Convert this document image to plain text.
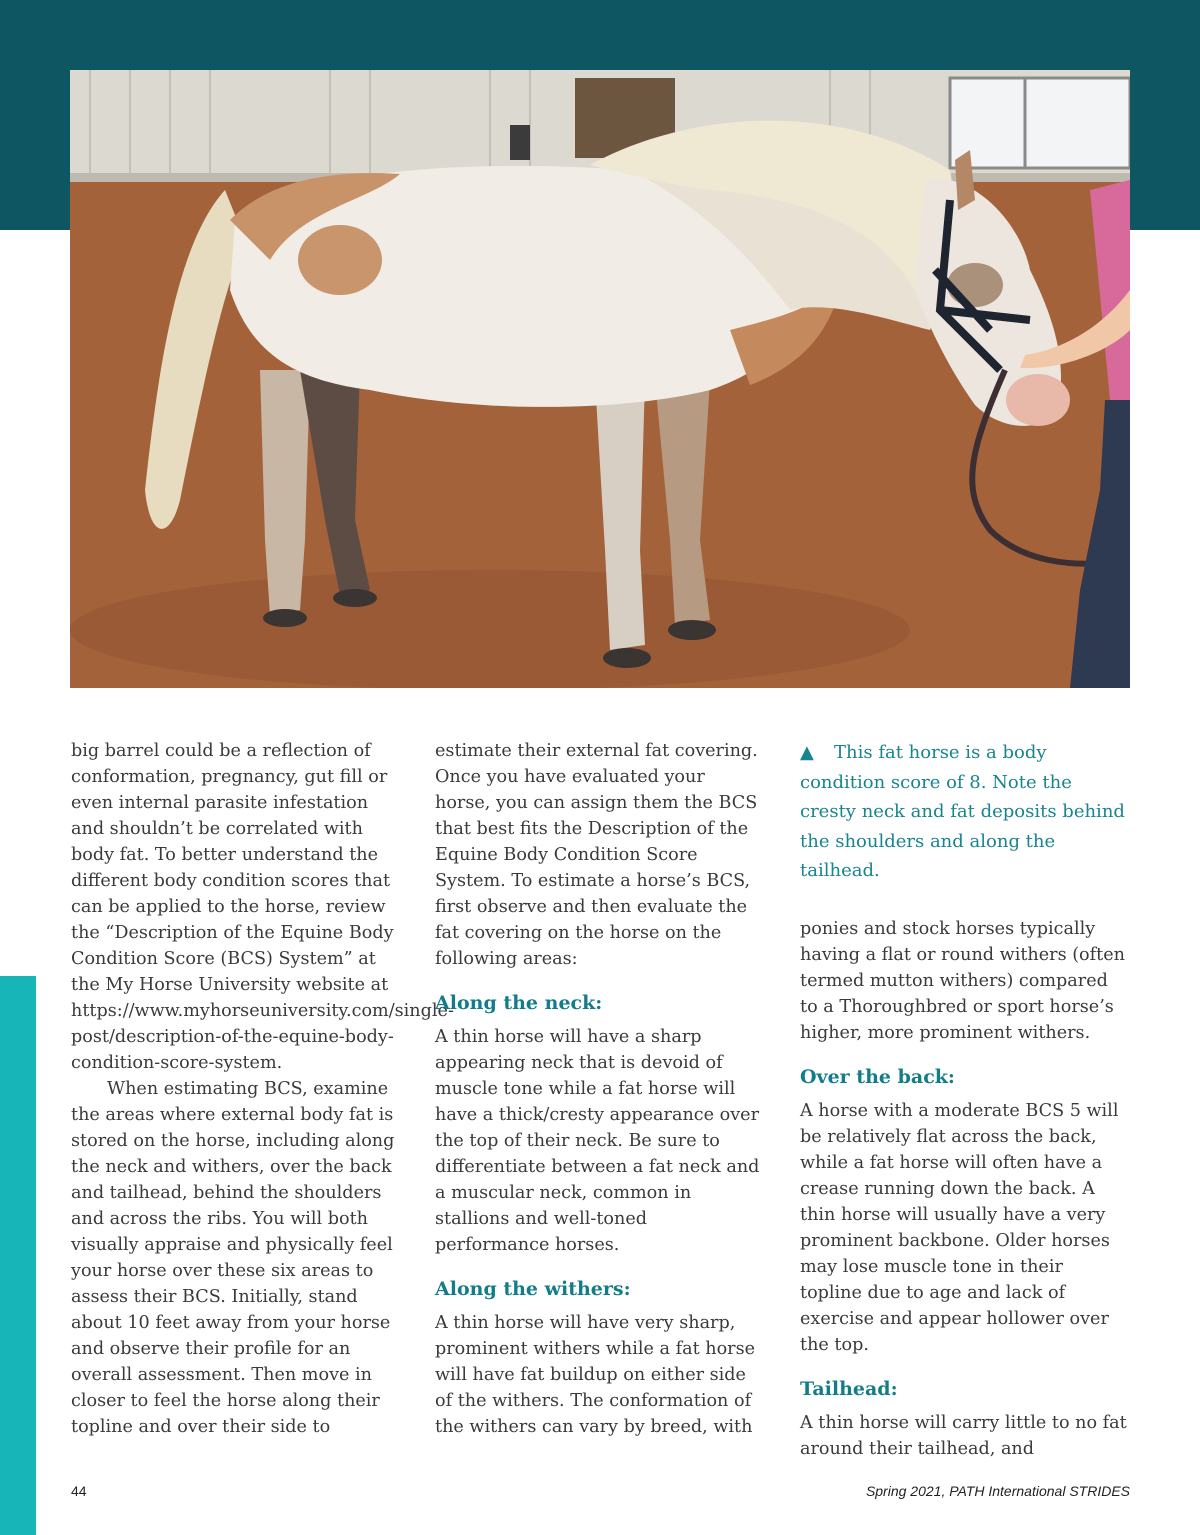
big barrel could be a reflection of conformation, pregnancy, gut fill or even internal parasite infestation and shouldn’t be correlated with body fat. To better understand the different body condition scores that can be applied to the horse, review the “Description of the Equine Body Condition Score (BCS) System” at the My Horse University website at https://www.myhorseuniversity.com/single-post/description-of-the-equine-body-condition-score-system.

When estimating BCS, examine the areas where external body fat is stored on the horse, including along the neck and withers, over the back and tailhead, behind the shoulders and across the ribs. You will both visually appraise and physically feel your horse over these six areas to assess their BCS. Initially, stand about 10 feet away from your horse and observe their profile for an overall assessment. Then move in closer to feel the horse along their topline and over their side to

estimate their external fat covering. Once you have evaluated your horse, you can assign them the BCS that best fits the Description of the Equine Body Condition Score System. To estimate a horse’s BCS, first observe and then evaluate the fat covering on the horse on the following areas:

Along the neck:

A thin horse will have a sharp appearing neck that is devoid of muscle tone while a fat horse will have a thick/cresty appearance over the top of their neck. Be sure to differentiate between a fat neck and a muscular neck, common in stallions and well-toned performance horses.

Along the withers:

A thin horse will have very sharp, prominent withers while a fat horse will have fat buildup on either side of the withers. The conformation of the withers can vary by breed, with

▲ This fat horse is a body condition score of 8. Note the cresty neck and fat deposits behind the shoulders and along the tailhead.

ponies and stock horses typically having a flat or round withers (often termed mutton withers) compared to a Thoroughbred or sport horse’s higher, more prominent withers.

Over the back:

A horse with a moderate BCS 5 will be relatively flat across the back, while a fat horse will often have a crease running down the back. A thin horse will usually have a very prominent backbone. Older horses may lose muscle tone in their topline due to age and lack of exercise and appear hollower over the top.

Tailhead:

A thin horse will carry little to no fat around their tailhead, and

44	Spring 2021, PATH International STRIDES
